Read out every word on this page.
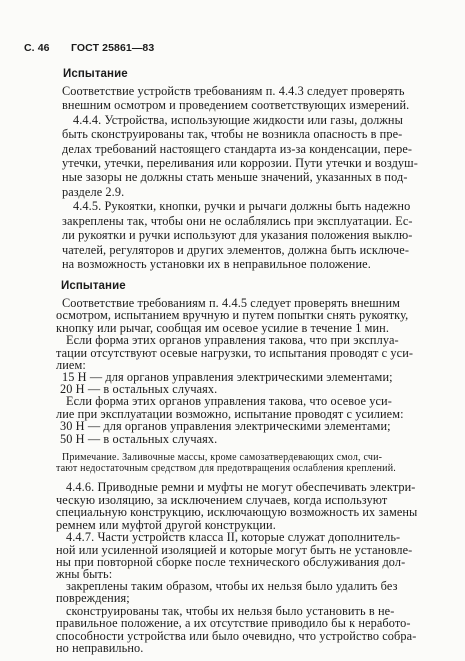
С. 46 ГОСТ 25861—83
Испытание
Соответствие устройств требованиям п. 4.4.3 следует проверять
внешним осмотром и проведением соответствующих измерений.
4.4.4. Устройства, использующие жидкости или газы, должны
быть сконструированы так, чтобы не возникла опасность в пре-
делах требований настоящего стандарта из-за конденсации, пере-
утечки, утечки, переливания или коррозии. Пути утечки и воздуш-
ные зазоры не должны стать меньше значений, указанных в под-
разделе 2.9.
4.4.5. Рукоятки, кнопки, ручки и рычаги должны быть надежно
закреплены так, чтобы они не ослаблялись при эксплуатации. Ес-
ли рукоятки и ручки используют для указания положения выклю-
чателей, регуляторов и других элементов, должна быть исключе-
на возможность установки их в неправильное положение.
Испытание
Соответствие требованиям п. 4.4.5 следует проверять внешним
осмотром, испытанием вручную и путем попытки снять рукоятку,
кнопку или рычаг, сообщая им осевое усилие в течение 1 мин.
Если форма этих органов управления такова, что при эксплуа-
тации отсутствуют осевые нагрузки, то испытания проводят с уси-
лием:
15 Н — для органов управления электрическими элементами;
20 Н — в остальных случаях.
Если форма этих органов управления такова, что осевое уси-
лие при эксплуатации возможно, испытание проводят с усилием:
30 Н — для органов управления электрическими элементами;
50 Н — в остальных случаях.
Примечание. Заливочные массы, кроме самозатвердевающих смол, счи-
тают недостаточным средством для предотвращения ослабления креплений.
4.4.6. Приводные ремни и муфты не могут обеспечивать электри-
ческую изоляцию, за исключением случаев, когда используют
специальную конструкцию, исключающую возможность их замены
ремнем или муфтой другой конструкции.
4.4.7. Части устройств класса II, которые служат дополнитель-
ной или усиленной изоляцией и которые могут быть не установле-
ны при повторной сборке после технического обслуживания дол-
жны быть:
закреплены таким образом, чтобы их нельзя было удалить без
повреждения;
сконструированы так, чтобы их нельзя было установить в не-
правильное положение, а их отсутствие приводило бы к неработо-
способности устройства или было очевидно, что устройство собра-
но неправильно.
